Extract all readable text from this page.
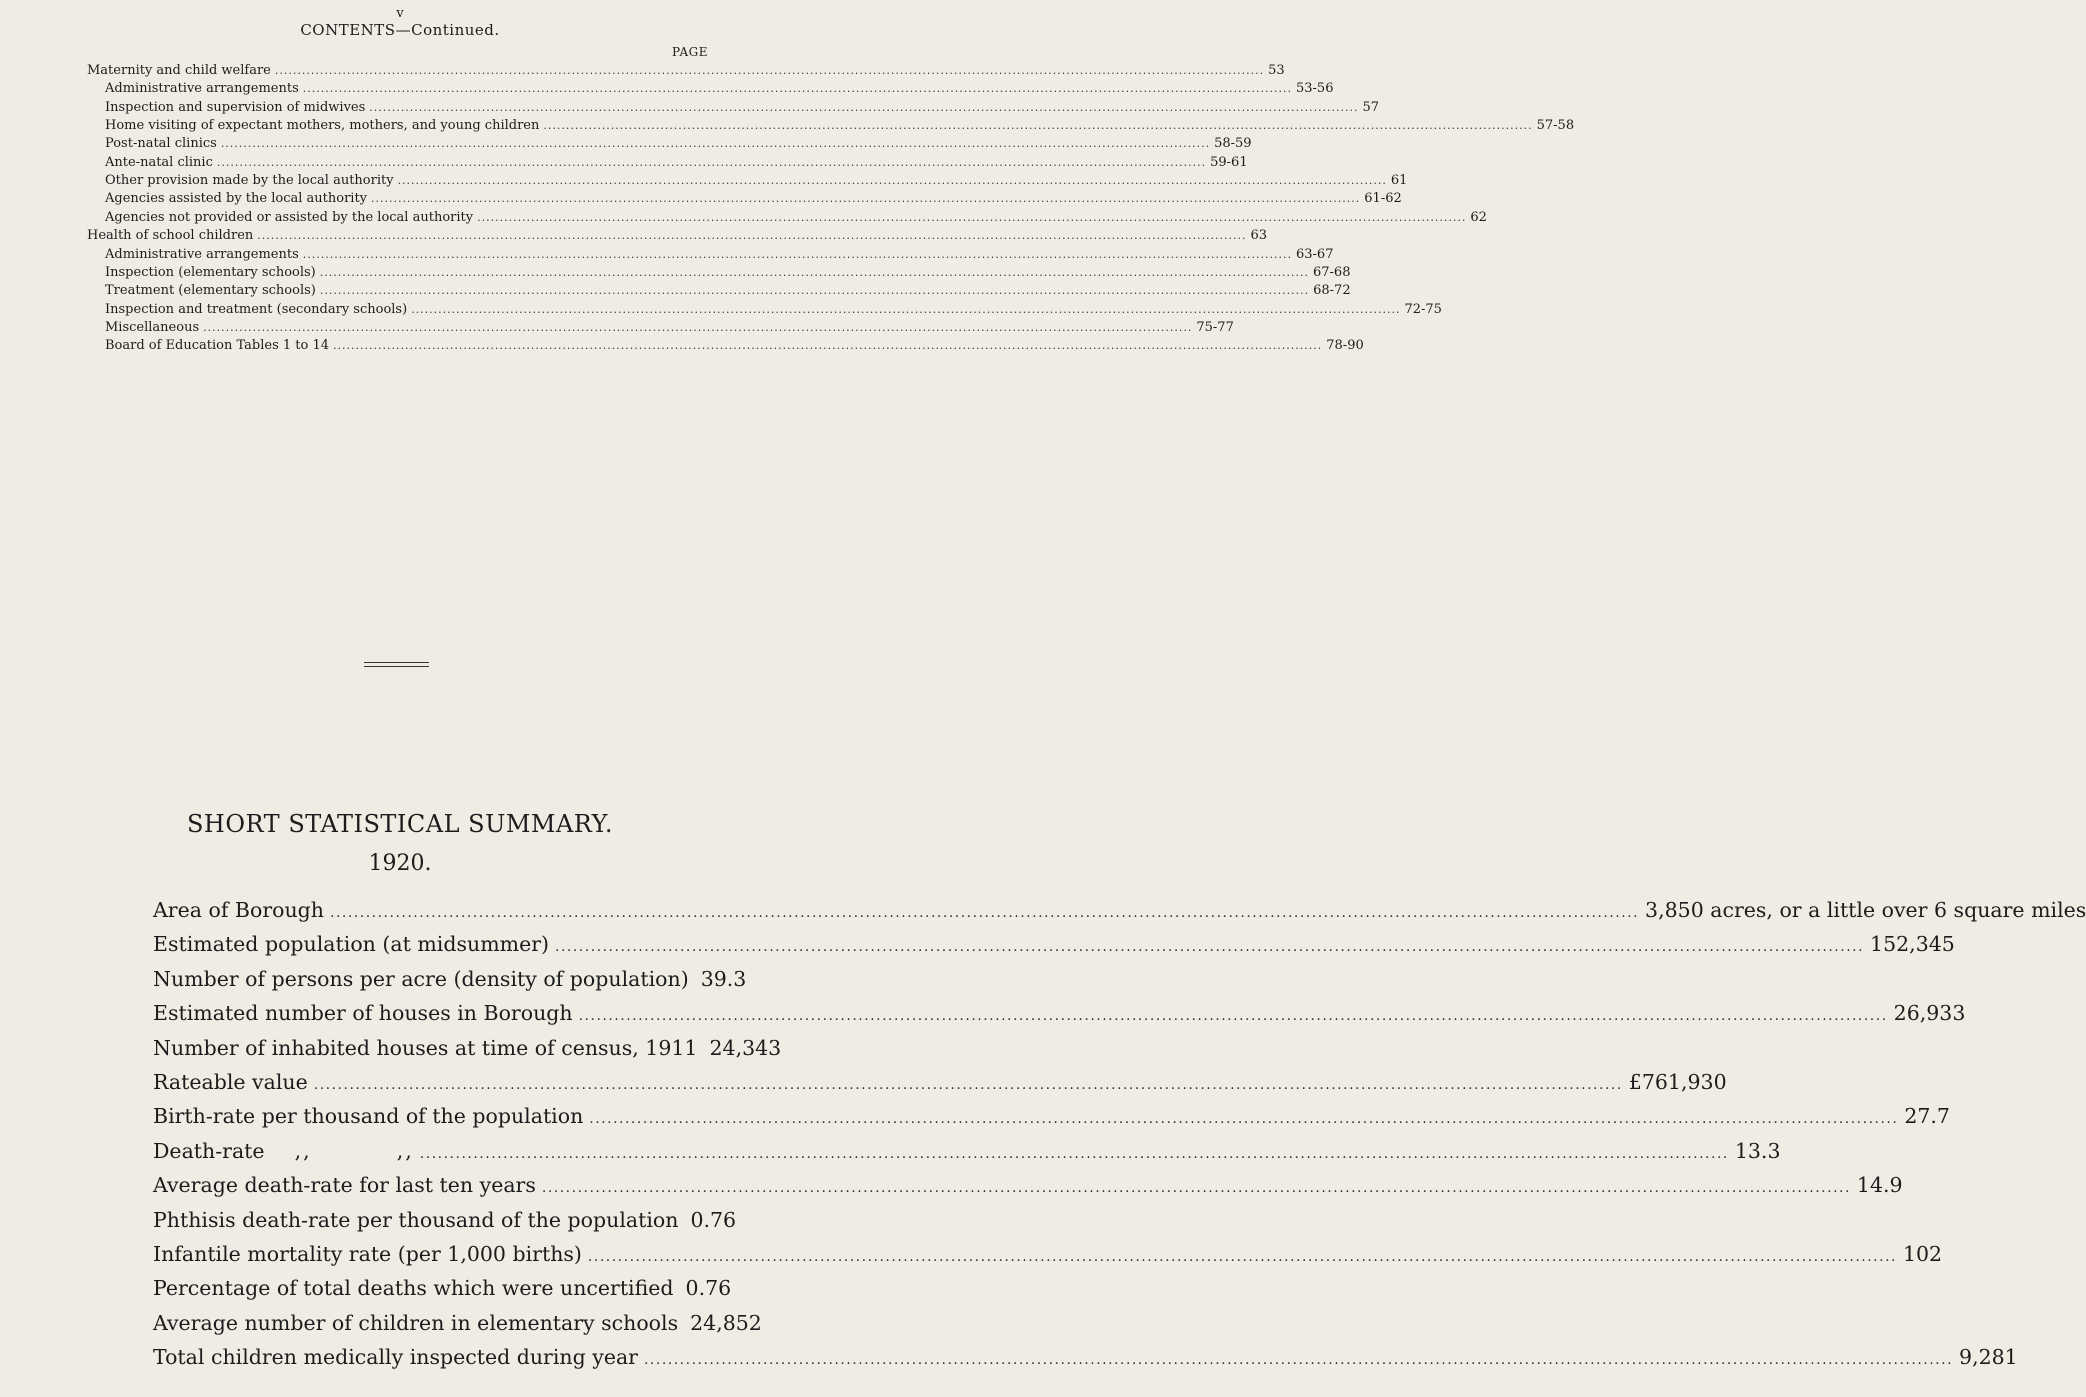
v
CONTENTS—Continued.
PAGE
Maternity and child welfare ............................................................................................................................................................................................................................ 53
Administrative arrangements ............................................................................................................................................................................................................................ 53-56
Inspection and supervision of midwives ............................................................................................................................................................................................................................ 57
Home visiting of expectant mothers, mothers, and young children ............................................................................................................................................................................................................................ 57-58
Post-natal clinics ............................................................................................................................................................................................................................ 58-59
Ante-natal clinic ............................................................................................................................................................................................................................ 59-61
Other provision made by the local authority ............................................................................................................................................................................................................................ 61
Agencies assisted by the local authority ............................................................................................................................................................................................................................ 61-62
Agencies not provided or assisted by the local authority ............................................................................................................................................................................................................................ 62
Health of school children ............................................................................................................................................................................................................................ 63
Administrative arrangements ............................................................................................................................................................................................................................ 63-67
Inspection (elementary schools) ............................................................................................................................................................................................................................ 67-68
Treatment (elementary schools) ............................................................................................................................................................................................................................ 68-72
Inspection and treatment (secondary schools) ............................................................................................................................................................................................................................ 72-75
Miscellaneous ............................................................................................................................................................................................................................ 75-77
Board of Education Tables 1 to 14 ............................................................................................................................................................................................................................ 78-90
SHORT STATISTICAL SUMMARY.
1920.
Area of Borough ............................................................................................................................................................................................................................ 3,850 acres, or a little over 6 square miles
Estimated population (at midsummer) ............................................................................................................................................................................................................................ 152,345
Number of persons per acre (density of population) 39.3
Estimated number of houses in Borough ............................................................................................................................................................................................................................ 26,933
Number of inhabited houses at time of census, 1911 24,343
Rateable value ............................................................................................................................................................................................................................ £761,930
Birth-rate per thousand of the population ............................................................................................................................................................................................................................ 27.7
Death-rate ,,          ,, ............................................................................................................................................................................................................................ 13.3
Average death-rate for last ten years ............................................................................................................................................................................................................................ 14.9
Phthisis death-rate per thousand of the population 0.76
Infantile mortality rate (per 1,000 births) ............................................................................................................................................................................................................................ 102
Percentage of total deaths which were uncertified 0.76
Average number of children in elementary schools 24,852
Total children medically inspected during year ............................................................................................................................................................................................................................ 9,281
